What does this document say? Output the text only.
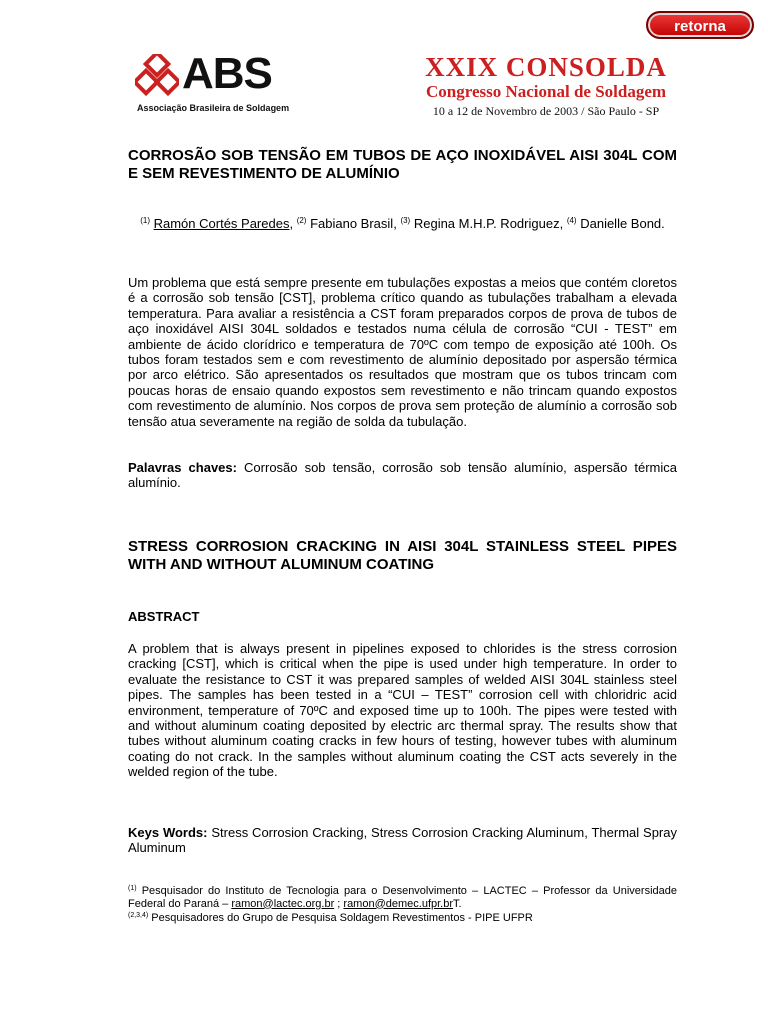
ABS
Associação Brasileira de Soldagem
retorna
XXIX CONSOLDA
Congresso Nacional de Soldagem
10 a 12 de Novembro de 2003 / São Paulo - SP
CORROSÃO SOB TENSÃO EM TUBOS DE AÇO INOXIDÁVEL AISI 304L COM E SEM REVESTIMENTO DE ALUMÍNIO
$^{(1)}$ Ramón Cortés Paredes, $^{(2)}$ Fabiano Brasil, $^{(3)}$ Regina M.H.P. Rodriguez, $^{(4)}$ Danielle Bond.
Um problema que está sempre presente em tubulações expostas a meios que contém cloretos é a corrosão sob tensão [CST], problema crítico quando as tubulações trabalham a elevada temperatura. Para avaliar a resistência a CST foram preparados corpos de prova de tubos de aço inoxidável AISI 304L soldados e testados numa célula de corrosão “CUI - TEST” em ambiente de ácido clorídrico e temperatura de 70ºC com tempo de exposição até 100h. Os tubos foram testados sem e com revestimento de alumínio depositado por aspersão térmica por arco elétrico. São apresentados os resultados que mostram que os tubos trincam com poucas horas de ensaio quando expostos sem revestimento e não trincam quando expostos com revestimento de alumínio. Nos corpos de prova sem proteção de alumínio a corrosão sob tensão atua severamente na região de solda da tubulação.
Palavras chaves: Corrosão sob tensão, corrosão sob tensão alumínio, aspersão térmica alumínio.
STRESS CORROSION CRACKING IN AISI 304L STAINLESS STEEL PIPES WITH AND WITHOUT ALUMINUM COATING
ABSTRACT
A problem that is always present in pipelines exposed to chlorides is the stress corrosion cracking [CST], which is critical when the pipe is used under high temperature. In order to evaluate the resistance to CST it was prepared samples of welded AISI 304L stainless steel pipes. The samples has been tested in a “CUI – TEST” corrosion cell with chloridric acid environment, temperature of 70ºC and exposed time up to 100h. The pipes were tested with and without aluminum coating deposited by electric arc thermal spray. The results show that tubes without aluminum coating cracks in few hours of testing, however tubes with aluminum coating do not crack. In the samples without aluminum coating the CST acts severely in the welded region of the tube.
Keys Words: Stress Corrosion Cracking, Stress Corrosion Cracking Aluminum, Thermal Spray Aluminum
$^{(1)}$ Pesquisador do Instituto de Tecnologia para o Desenvolvimento – LACTEC – Professor da Universidade Federal do Paraná – ramon@lactec.org.br ; ramon@demec.ufpr.brT.
$^{(2,3,4)}$ Pesquisadores do Grupo de Pesquisa Soldagem Revestimentos - PIPE UFPR
